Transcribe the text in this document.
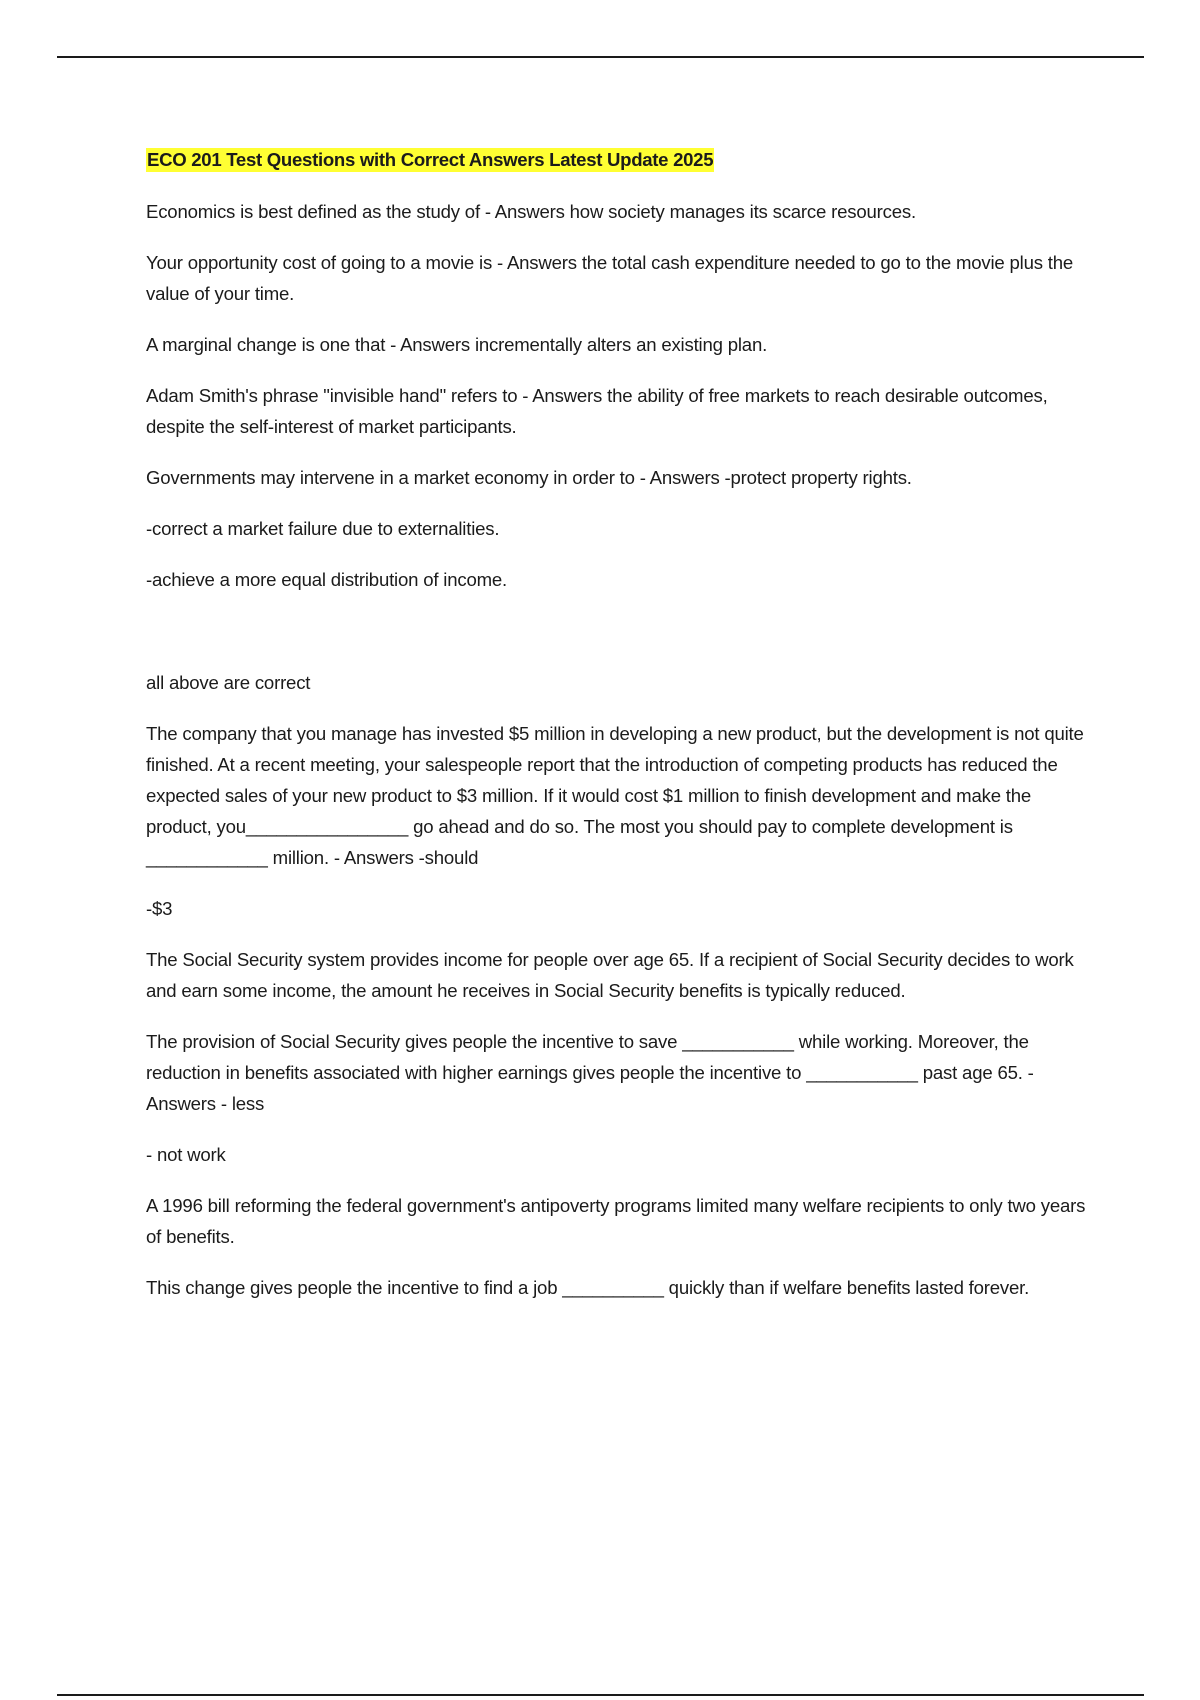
ECO 201 Test Questions with Correct Answers Latest Update 2025
Economics is best defined as the study of - Answers how society manages its scarce resources.
Your opportunity cost of going to a movie is - Answers the total cash expenditure needed to go to the movie plus the value of your time.
A marginal change is one that - Answers incrementally alters an existing plan.
Adam Smith's phrase "invisible hand" refers to - Answers the ability of free markets to reach desirable outcomes, despite the self-interest of market participants.
Governments may intervene in a market economy in order to - Answers -protect property rights.
-correct a market failure due to externalities.
-achieve a more equal distribution of income.
all above are correct
The company that you manage has invested $5 million in developing a new product, but the development is not quite finished. At a recent meeting, your salespeople report that the introduction of competing products has reduced the expected sales of your new product to $3 million. If it would cost $1 million to finish development and make the product, you________________ go ahead and do so. The most you should pay to complete development is ____________ million. - Answers -should
-$3
The Social Security system provides income for people over age 65. If a recipient of Social Security decides to work and earn some income, the amount he receives in Social Security benefits is typically reduced.
The provision of Social Security gives people the incentive to save ___________ while working. Moreover, the reduction in benefits associated with higher earnings gives people the incentive to ___________ past age 65. - Answers - less
- not work
A 1996 bill reforming the federal government's antipoverty programs limited many welfare recipients to only two years of benefits.
This change gives people the incentive to find a job __________ quickly than if welfare benefits lasted forever.
